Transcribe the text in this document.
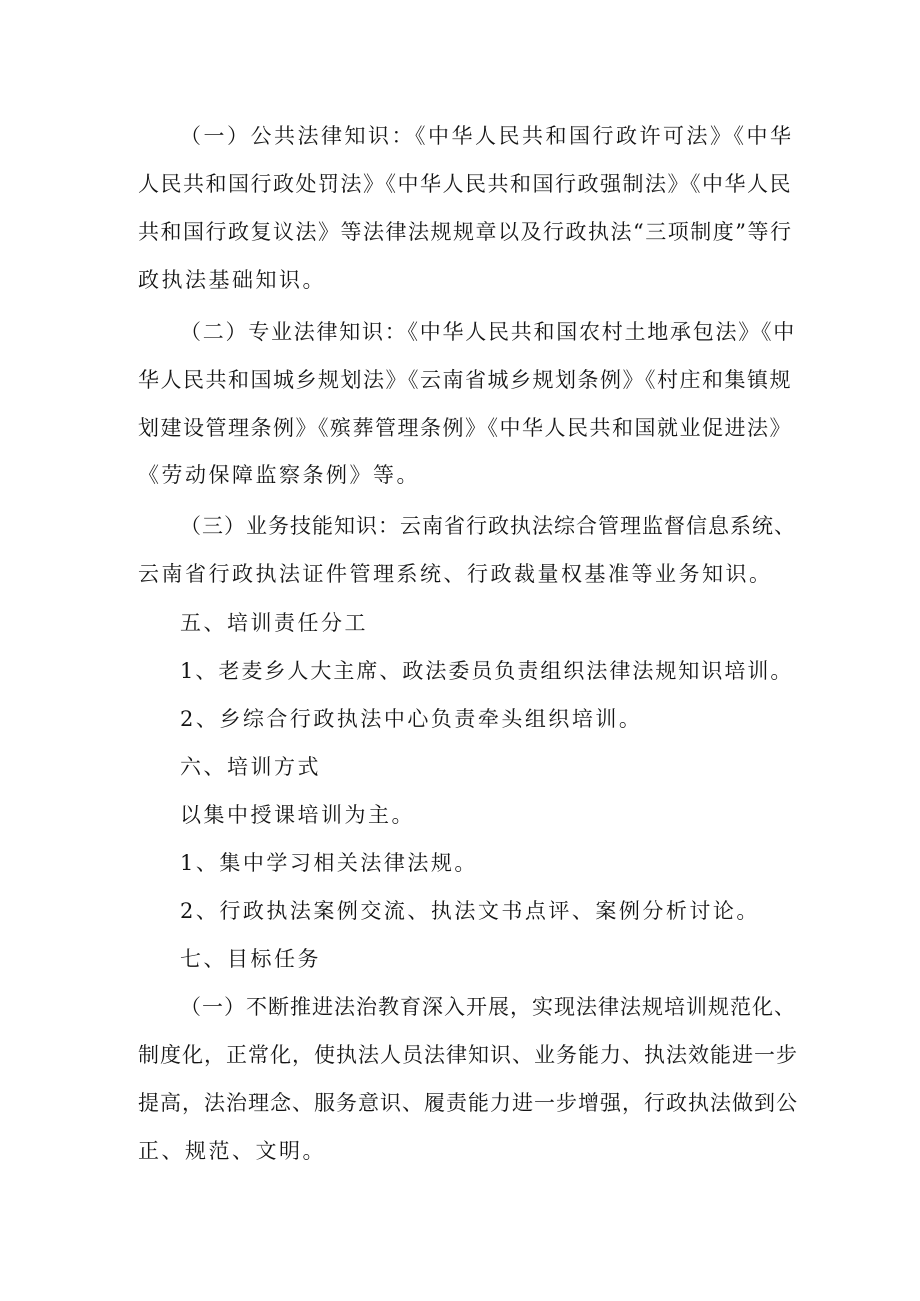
（一）公共法律知识：《中华人民共和国行政许可法》《中华
人民共和国行政处罚法》《中华人民共和国行政强制法》《中华人民
共和国行政复议法》等法律法规规章以及行政执法“三项制度”等行
政执法基础知识。
（二）专业法律知识：《中华人民共和国农村土地承包法》《中
华人民共和国城乡规划法》《云南省城乡规划条例》《村庄和集镇规
划建设管理条例》《殡葬管理条例》《中华人民共和国就业促进法》
《劳动保障监察条例》等。
（三）业务技能知识：云南省行政执法综合管理监督信息系统、
云南省行政执法证件管理系统、行政裁量权基准等业务知识。
五、培训责任分工
1、老麦乡人大主席、政法委员负责组织法律法规知识培训。
2、乡综合行政执法中心负责牵头组织培训。
六、培训方式
以集中授课培训为主。
1、集中学习相关法律法规。
2、行政执法案例交流、执法文书点评、案例分析讨论。
七、目标任务
（一）不断推进法治教育深入开展，实现法律法规培训规范化、
制度化，正常化，使执法人员法律知识、业务能力、执法效能进一步
提高，法治理念、服务意识、履责能力进一步增强，行政执法做到公
正、规范、文明。
